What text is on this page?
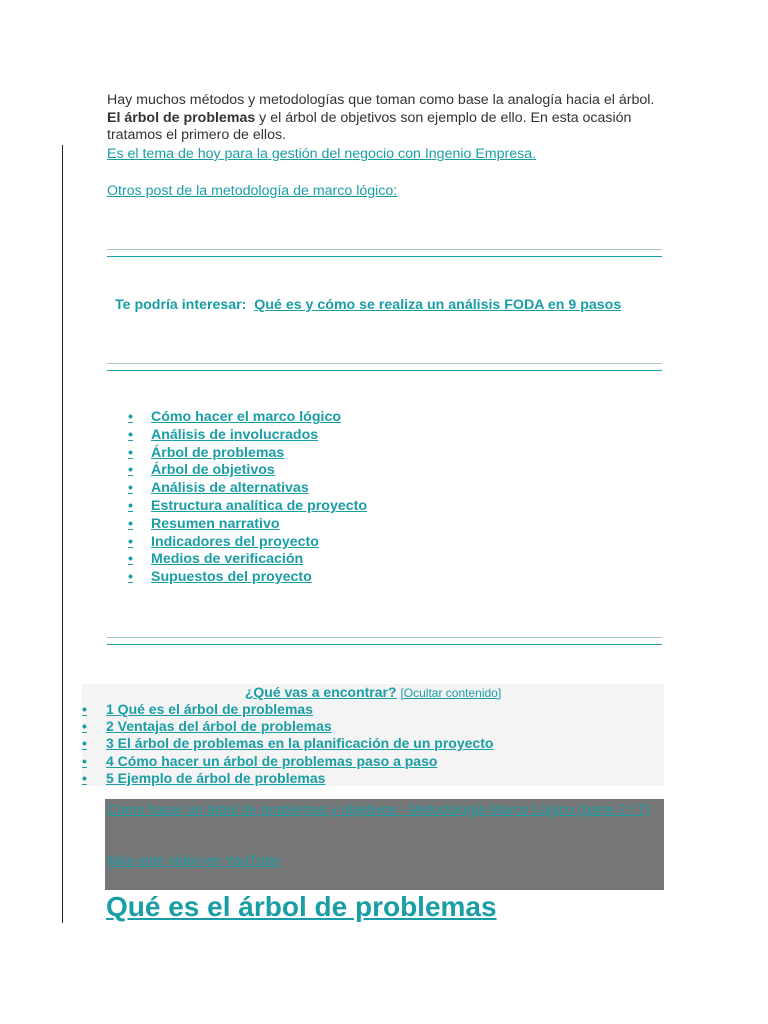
Hay muchos métodos y metodologías que toman como base la analogía hacia el árbol. El árbol de problemas y el árbol de objetivos son ejemplo de ello. En esta ocasión tratamos el primero de ellos.

Es el tema de hoy para la gestión del negocio con Ingenio Empresa.
Otros post de la metodología de marco lógico:
Te podría interesar: Qué es y cómo se realiza un análisis FODA en 9 pasos
• Cómo hacer el marco lógico
• Análisis de involucrados
• Árbol de problemas
• Árbol de objetivos
• Análisis de alternativas
• Estructura analítica de proyecto
• Resumen narrativo
• Indicadores del proyecto
• Medios de verificación
• Supuestos del proyecto
¿Qué vas a encontrar? [Ocultar contenido]
• 1 Qué es el árbol de problemas
• 2 Ventajas del árbol de problemas
• 3 El árbol de problemas en la planificación de un proyecto
• 4 Cómo hacer un árbol de problemas paso a paso
• 5 Ejemplo de árbol de problemas
Cómo hacer un árbol de problemas y objetivos - Metodología Marco Lógico (parte 2 / 7)
Mira este video en YouTube
Qué es el árbol de problemas
